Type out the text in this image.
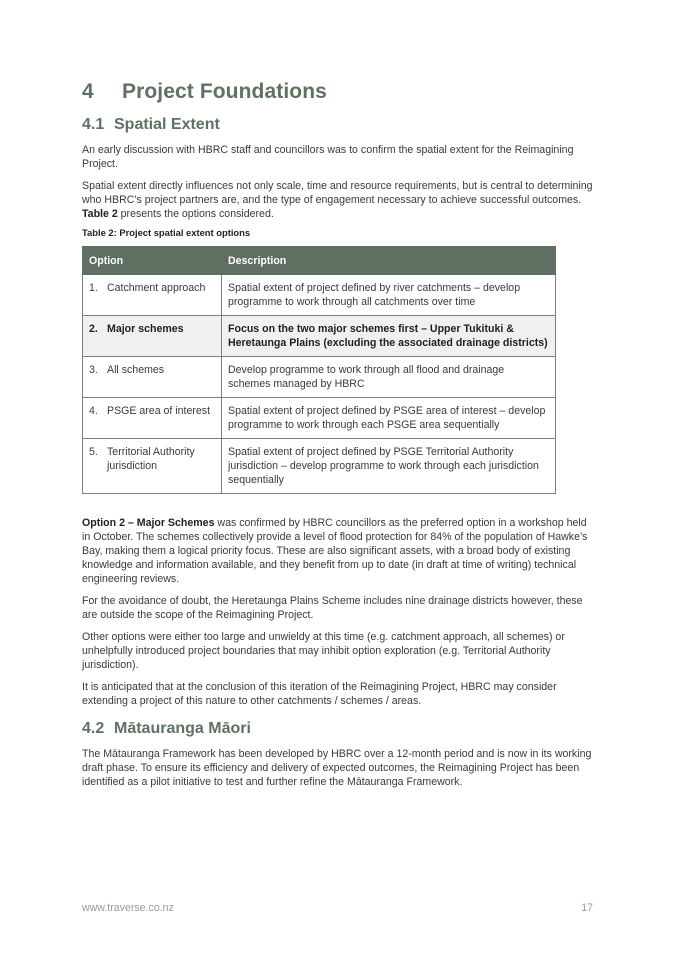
4	Project Foundations
4.1 Spatial Extent

An early discussion with HBRC staff and councillors was to confirm the spatial extent for the Reimagining Project.

Spatial extent directly influences not only scale, time and resource requirements, but is central to determining who HBRC’s project partners are, and the type of engagement necessary to achieve successful outcomes. Table 2 presents the options considered.

Table 2: Project spatial extent options
Option	Description

1. Catchment approach	Spatial extent of project defined by river catchments – develop programme to work through all catchments over time

2. Major schemes	Focus on the two major schemes first – Upper Tukituki & Heretaunga Plains (excluding the associated drainage districts)

3. All schemes	Develop programme to work through all flood and drainage schemes managed by HBRC

4. PSGE area of interest	Spatial extent of project defined by PSGE area of interest – develop programme to work through each PSGE area sequentially

5. Territorial Authority jurisdiction	Spatial extent of project defined by PSGE Territorial Authority jurisdiction – develop programme to work through each jurisdiction sequentially

Option 2 – Major Schemes was confirmed by HBRC councillors as the preferred option in a workshop held in October. The schemes collectively provide a level of flood protection for 84% of the population of Hawke’s Bay, making them a logical priority focus. These are also significant assets, with a broad body of existing knowledge and information available, and they benefit from up to date (in draft at time of writing) technical engineering reviews.

For the avoidance of doubt, the Heretaunga Plains Scheme includes nine drainage districts however, these are outside the scope of the Reimagining Project.

Other options were either too large and unwieldy at this time (e.g. catchment approach, all schemes) or unhelpfully introduced project boundaries that may inhibit option exploration (e.g. Territorial Authority jurisdiction).

It is anticipated that at the conclusion of this iteration of the Reimagining Project, HBRC may consider extending a project of this nature to other catchments / schemes / areas.

4.2 Mātauranga Māori

The Mātauranga Framework has been developed by HBRC over a 12-month period and is now in its working draft phase. To ensure its efficiency and delivery of expected outcomes, the Reimagining Project has been identified as a pilot initiative to test and further refine the Mātauranga Framework.

www.traverse.co.nz	17
